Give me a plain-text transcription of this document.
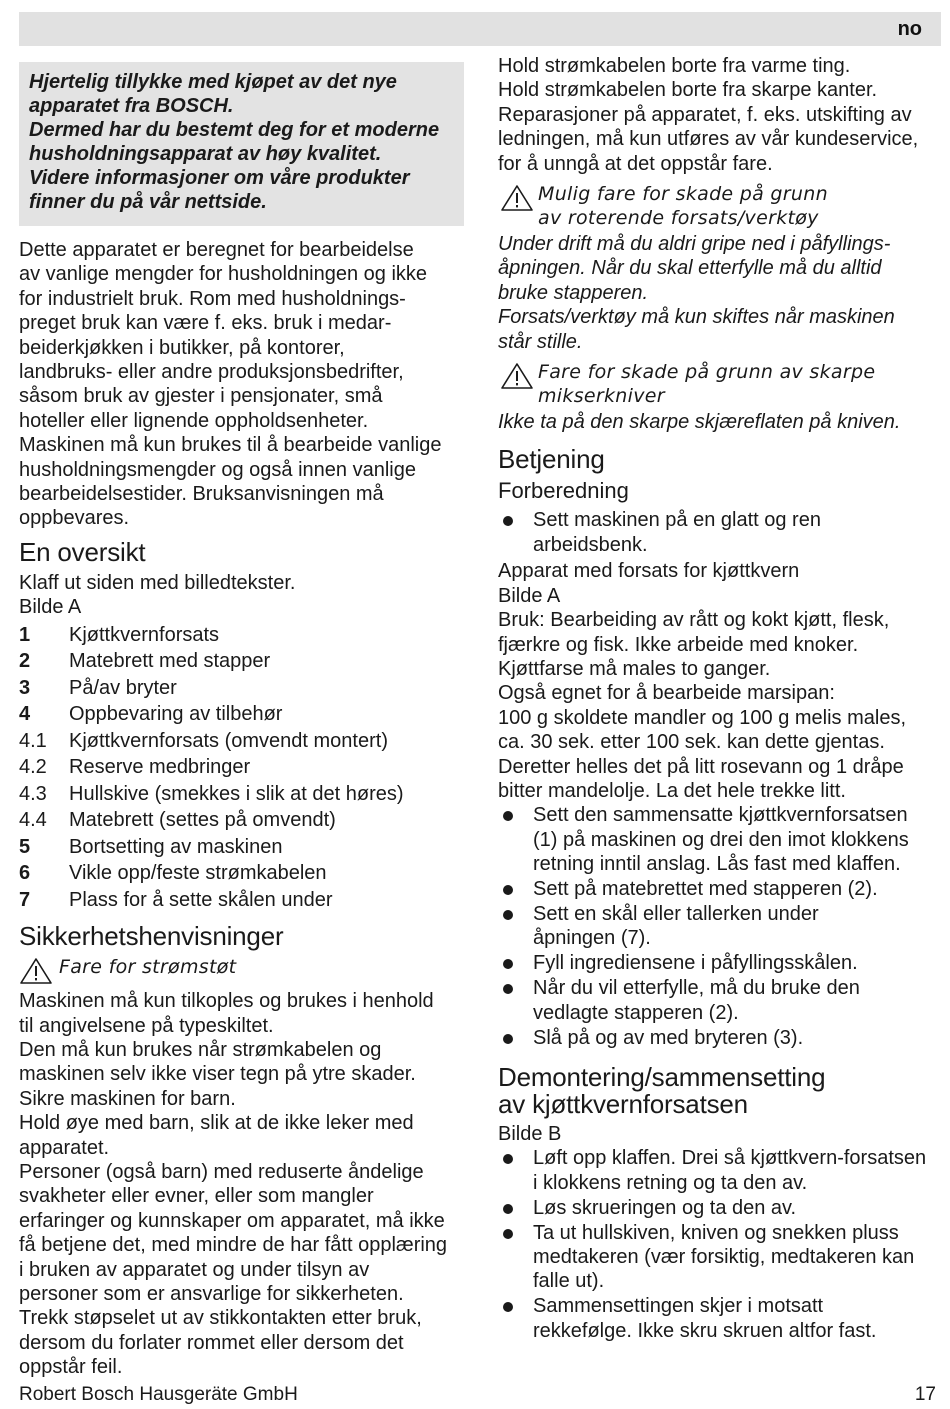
no
Hjertelig tillykke med kjøpet av det nye
apparatet fra BOSCH.
Dermed har du bestemt deg for et moderne
husholdningsapparat av høy kvalitet.
Videre informasjoner om våre produkter
finner du på vår nettside.

Dette apparatet er beregnet for bearbeidelse

av vanlige mengder for husholdningen og ikke

for industrielt bruk. Rom med husholdnings-

preget bruk kan være f. eks. bruk i medar-

beiderkjøkken i butikker, på kontorer,

landbruks- eller andre produksjonsbedrifter,

såsom bruk av gjester i pensjonater, små

hoteller eller lignende oppholdsenheter.

Maskinen må kun brukes til å bearbeide vanlige

husholdningsmengder og også innen vanlige

bearbeidelsestider. Bruksanvisningen må

oppbevares.

En oversikt
Klaff ut siden med billedtekster.
Bilde A
1	Kjøttkvernforsats
2	Matebrett med stapper
3	På/av bryter
4	Oppbevaring av tilbehør
4.1	Kjøttkvernforsats (omvendt montert)
4.2	Reserve medbringer
4.3	Hullskive (smekkes i slik at det høres)
4.4	Matebrett (settes på omvendt)
5	Bortsetting av maskinen
6	Vikle opp/feste strømkabelen
7	Plass for å sette skålen under
Sikkerhetshenvisninger
Fare for strømstøt

Maskinen må kun tilkoples og brukes i henhold

til angivelsene på typeskiltet.

Den må kun brukes når strømkabelen og

maskinen selv ikke viser tegn på ytre skader.

Sikre maskinen for barn.

Hold øye med barn, slik at de ikke leker med

apparatet.

Personer (også barn) med reduserte åndelige

svakheter eller evner, eller som mangler

erfaringer og kunnskaper om apparatet, må ikke

få betjene det, med mindre de har fått opplæring

i bruken av apparatet og under tilsyn av

personer som er ansvarlige for sikkerheten.

Trekk støpselet ut av stikkontakten etter bruk,

dersom du forlater rommet eller dersom det

oppstår feil.

Hold strømkabelen borte fra varme ting.

Hold strømkabelen borte fra skarpe kanter.

Reparasjoner på apparatet, f. eks. utskifting av

ledningen, må kun utføres av vår kundeservice,

for å unngå at det oppstår fare.

Mulig fare for skade på grunn
av roterende forsats/verktøy

Under drift må du aldri gripe ned i påfyllings-

åpningen. Når du skal etterfylle må du alltid

bruke stapperen.

Forsats/verktøy må kun skiftes når maskinen

står stille.

Fare for skade på grunn av skarpe
mikserkniver

Ikke ta på den skarpe skjæreflaten på kniven.

Betjening
Forberedning
Sett maskinen på en glatt og ren
arbeidsbenk.
Apparat med forsats for kjøttkvern
Bilde A

Bruk: Bearbeiding av rått og kokt kjøtt, flesk,

fjærkre og fisk. Ikke arbeide med knoker.

Kjøttfarse må males to ganger.

Også egnet for å bearbeide marsipan:

100 g skoldete mandler og 100 g melis males,

ca. 30 sek. etter 100 sek. kan dette gjentas.

Deretter helles det på litt rosevann og 1 dråpe

bitter mandelolje. La det hele trekke litt.

Sett den sammensatte kjøttkvernforsatsen
(1) på maskinen og drei den imot klokkens
retning inntil anslag. Lås fast med klaffen.
Sett på matebrettet med stapperen (2).
Sett en skål eller tallerken under
åpningen (7).
Fyll ingrediensene i påfyllingsskålen.
Når du vil etterfylle, må du bruke den
vedlagte stapperen (2).
Slå på og av med bryteren (3).
Demontering/sammensetting
av kjøttkvernforsatsen
Bilde B
Løft opp klaffen. Drei så kjøttkvern-forsatsen
i klokkens retning og ta den av.
Løs skrueringen og ta den av.
Ta ut hullskiven, kniven og snekken pluss
medtakeren (vær forsiktig, medtakeren kan
falle ut).
Sammensettingen skjer i motsatt
rekkefølge. Ikke skru skruen altfor fast.
Robert Bosch Hausgeräte GmbH	17
